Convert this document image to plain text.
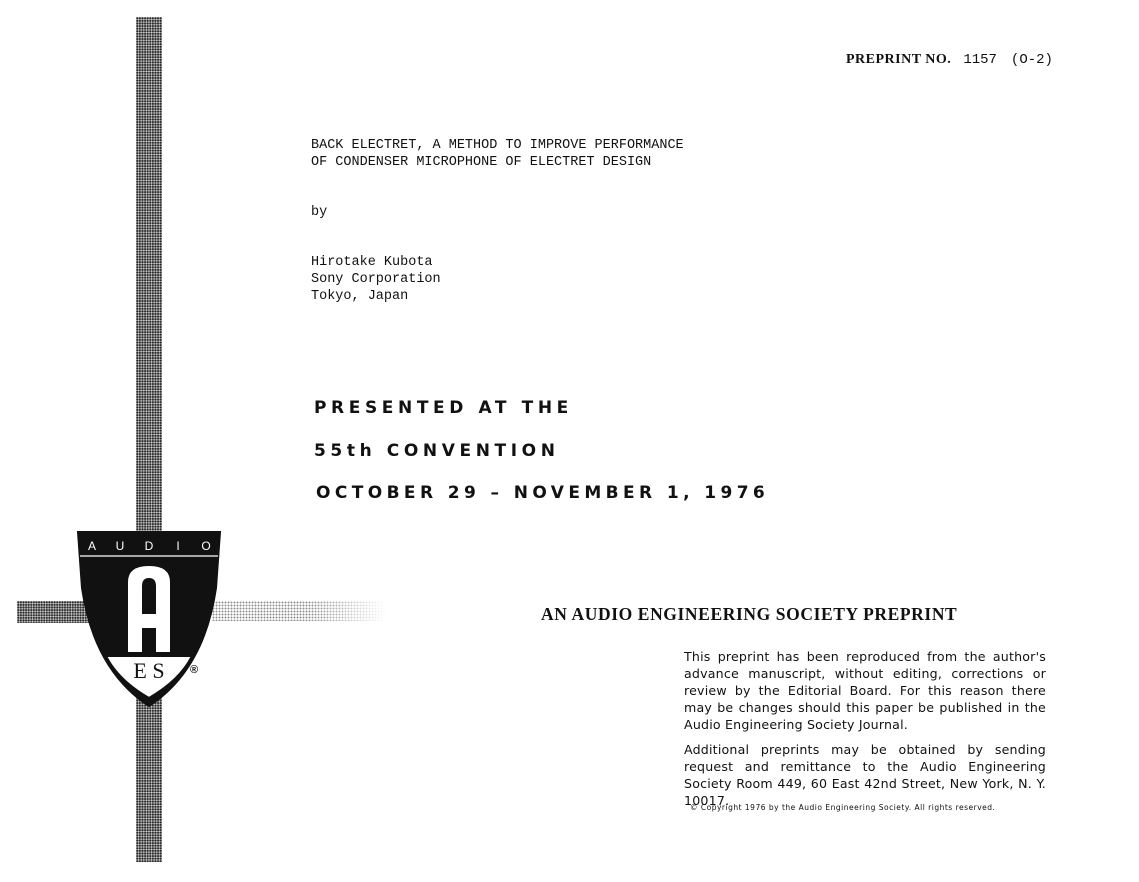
PREPRINT NO. 1157 (O-2)
BACK ELECTRET, A METHOD TO IMPROVE PERFORMANCE
OF CONDENSER MICROPHONE OF ELECTRET DESIGN
by
Hirotake Kubota
Sony Corporation
Tokyo, Japan
PRESENTED AT THE
55th CONVENTION
OCTOBER 29 – NOVEMBER 1, 1976
A U D I O
E S ®
AN AUDIO ENGINEERING SOCIETY PREPRINT
This preprint has been reproduced from the author's advance manuscript, without editing, corrections or review by the Editorial Board. For this reason there may be changes should this paper be published in the Audio Engineering Society Journal.
Additional preprints may be obtained by sending request and remittance to the Audio Engineering Society Room 449, 60 East 42nd Street, New York, N. Y. 10017.
© Copyright 1976 by the Audio Engineering Society. All rights reserved.
